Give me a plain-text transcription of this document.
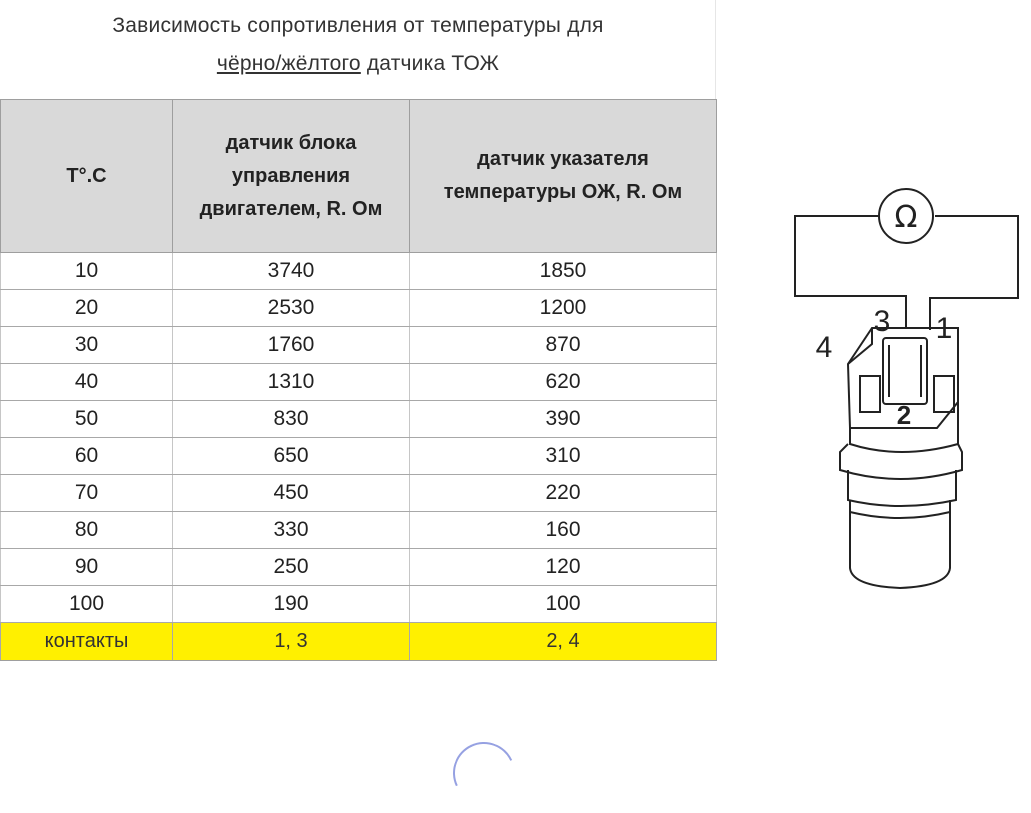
Зависимость сопротивления от температуры для
чёрно/жёлтого датчика ТОЖ
T°.C	датчик блока управления двигателем, R. Ом	датчик указателя температуры ОЖ, R. Ом
10	3740	1850
20	2530	1200
30	1760	870
40	1310	620
50	830	390
60	650	310
70	450	220
80	330	160
90	250	120
100	190	100
контакты	1, 3	2, 4
Ω
4
3 1
2
